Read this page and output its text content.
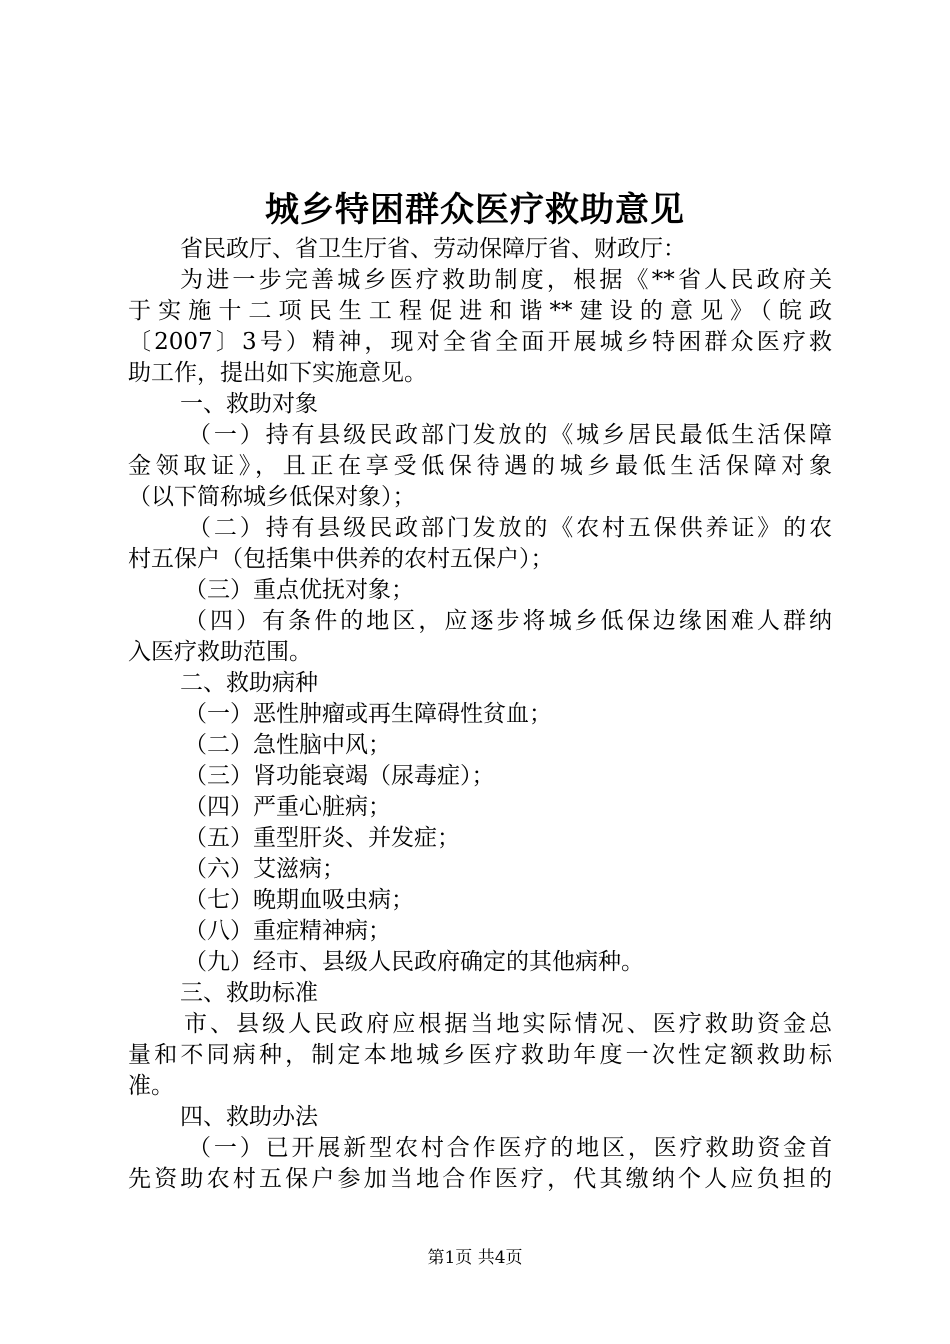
城乡特困群众医疗救助意见
省民政厅、省卫生厅省、劳动保障厅省、财政厅：
为进一步完善城乡医疗救助制度，根据《**省人民政府关
于实施十二项民生工程促进和谐**建设的意见》（皖政
〔2007〕3号）精神，现对全省全面开展城乡特困群众医疗救
助工作，提出如下实施意见。
一、救助对象
（一）持有县级民政部门发放的《城乡居民最低生活保障
金领取证》，且正在享受低保待遇的城乡最低生活保障对象
（以下简称城乡低保对象）；
（二）持有县级民政部门发放的《农村五保供养证》的农
村五保户（包括集中供养的农村五保户）；
（三）重点优抚对象；
（四）有条件的地区，应逐步将城乡低保边缘困难人群纳
入医疗救助范围。
二、救助病种
（一）恶性肿瘤或再生障碍性贫血；
（二）急性脑中风；
（三）肾功能衰竭（尿毒症）；
（四）严重心脏病；
（五）重型肝炎、并发症；
（六）艾滋病；
（七）晚期血吸虫病；
（八）重症精神病；
（九）经市、县级人民政府确定的其他病种。
三、救助标准
市、县级人民政府应根据当地实际情况、医疗救助资金总
量和不同病种，制定本地城乡医疗救助年度一次性定额救助标
准。
四、救助办法
（一）已开展新型农村合作医疗的地区，医疗救助资金首
先资助农村五保户参加当地合作医疗，代其缴纳个人应负担的
第1页 共4页
